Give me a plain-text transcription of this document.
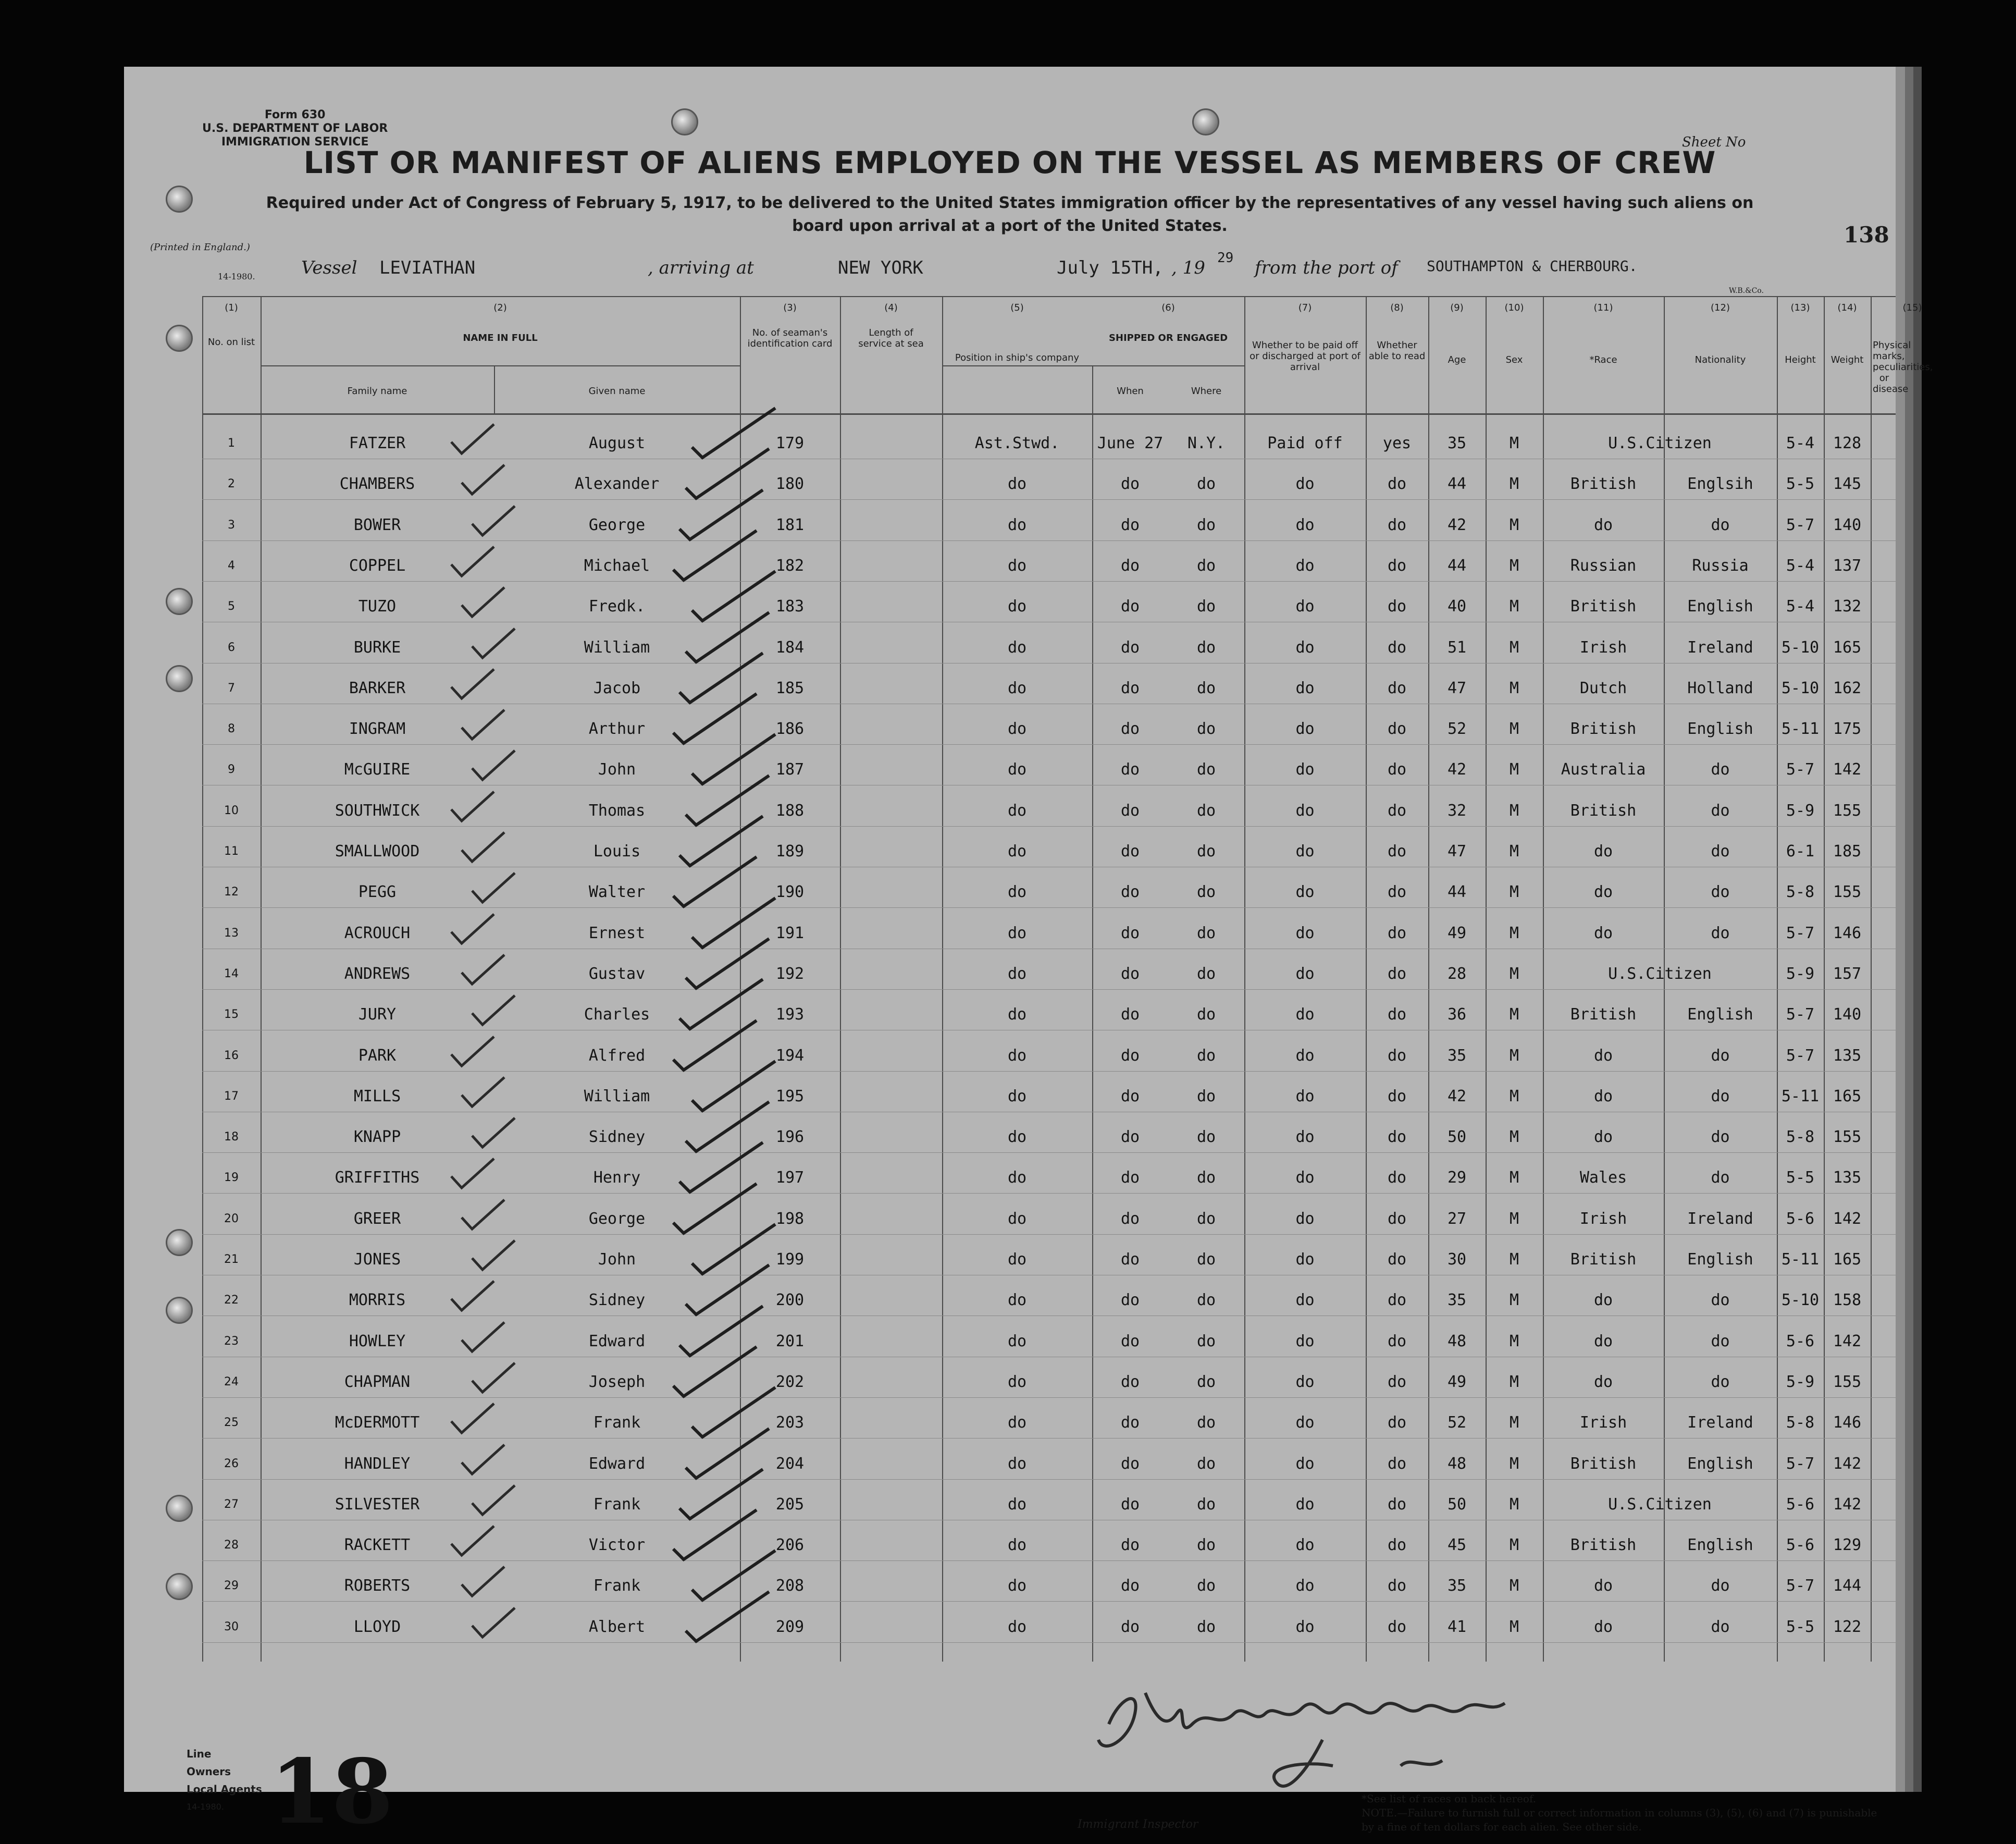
Form 630
U.S. DEPARTMENT OF LABOR
IMMIGRATION SERVICE	Sheet No
LIST OR MANIFEST OF ALIENS EMPLOYED ON THE VESSEL AS MEMBERS OF CREW
Required under Act of Congress of February 5, 1917, to be delivered to the United States immigration officer by the representatives of any vessel having such aliens on board upon arrival at a port of the United States.	138
(Printed in England.)
14-1980.
W.B.&Co.
Vessel LEVIATHAN	, arriving at	NEW YORK	July 15TH, , 19 29 from the port of SOUTHAMPTON & CHERBOURG.
(1)	(2)	(3)	(4)	(5)	(6)	(7)	(8)	(9)	(10)	(11)	(12)	(13)	(14)	(15)
No. on list	NAME IN FULL
Family name	Given name
No. of seaman's identification card
Length of service at sea
Position in ship's company
SHIPPED OR ENGAGED
When	Where
Whether to be paid off or discharged at port of arrival
Whether able to read	Age	Sex	*Race	Nationality	Height	Weight
Physical marks, peculiarities, or disease
1	FATZER	August	179	Ast.Stwd.	June 27	N.Y.	Paid off	yes	35	M	U.S.Citizen	5-4	128
2	CHAMBERS	Alexander	180	do	do	do	do	do	44	M	British	Englsih	5-5	145
3	BOWER	George	181	do	do	do	do	do	42	M	do	do	5-7	140
4	COPPEL	Michael	182	do	do	do	do	do	44	M	Russian	Russia	5-4	137
5	TUZO	Fredk.	183	do	do	do	do	do	40	M	British	English	5-4	132
6	BURKE	William	184	do	do	do	do	do	51	M	Irish	Ireland	5-10 165
7	BARKER	Jacob	185	do	do	do	do	do	47	M	Dutch	Holland	5-10 162
8	INGRAM	Arthur	186	do	do	do	do	do	52	M	British	English	5-11 175
9	McGUIRE	John	187	do	do	do	do	do	42	M	Australia	do	5-7	142
10	SOUTHWICK	Thomas	188	do	do	do	do	do	32	M	British	do	5-9	155
11	SMALLWOOD	Louis	189	do	do	do	do	do	47	M	do	do	6-1	185
12	PEGG	Walter	190	do	do	do	do	do	44	M	do	do	5-8	155
13	ACROUCH	Ernest	191	do	do	do	do	do	49	M	do	do	5-7	146
14	ANDREWS	Gustav	192	do	do	do	do	do	28	M	U.S.Citizen	5-9	157
15	JURY	Charles	193	do	do	do	do	do	36	M	British	English	5-7	140
16	PARK	Alfred	194	do	do	do	do	do	35	M	do	do	5-7	135
17	MILLS	William	195	do	do	do	do	do	42	M	do	do	5-11 165
18	KNAPP	Sidney	196	do	do	do	do	do	50	M	do	do	5-8	155
19	GRIFFITHS	Henry	197	do	do	do	do	do	29	M	Wales	do	5-5	135
20	GREER	George	198	do	do	do	do	do	27	M	Irish	Ireland	5-6	142
21	JONES	John	199	do	do	do	do	do	30	M	British	English	5-11 165
22	MORRIS	Sidney	200	do	do	do	do	do	35	M	do	do	5-10 158
23	HOWLEY	Edward	201	do	do	do	do	do	48	M	do	do	5-6	142
24	CHAPMAN	Joseph	202	do	do	do	do	do	49	M	do	do	5-9	155
25	McDERMOTT	Frank	203	do	do	do	do	do	52	M	Irish	Ireland	5-8	146
26	HANDLEY	Edward	204	do	do	do	do	do	48	M	British	English	5-7	142
27	SILVESTER	Frank	205	do	do	do	do	do	50	M	U.S.Citizen	5-6	142
28	RACKETT	Victor	206	do	do	do	do	do	45	M	British	English	5-6	129
29	ROBERTS	Frank	208	do	do	do	do	do	35	M	do	do	5-7	144
30	LLOYD	Albert	209	do	do	do	do	do	41	M	do	do	5-5	122
Line
Owners
Local Agents
14-1980. 18	Immigrant Inspector
*See list of races on back hereof.
NOTE.—Failure to furnish full or correct information in columns (3), (5), (6) and (7) is punishable by a fine of ten dollars for each alien. See other side.
